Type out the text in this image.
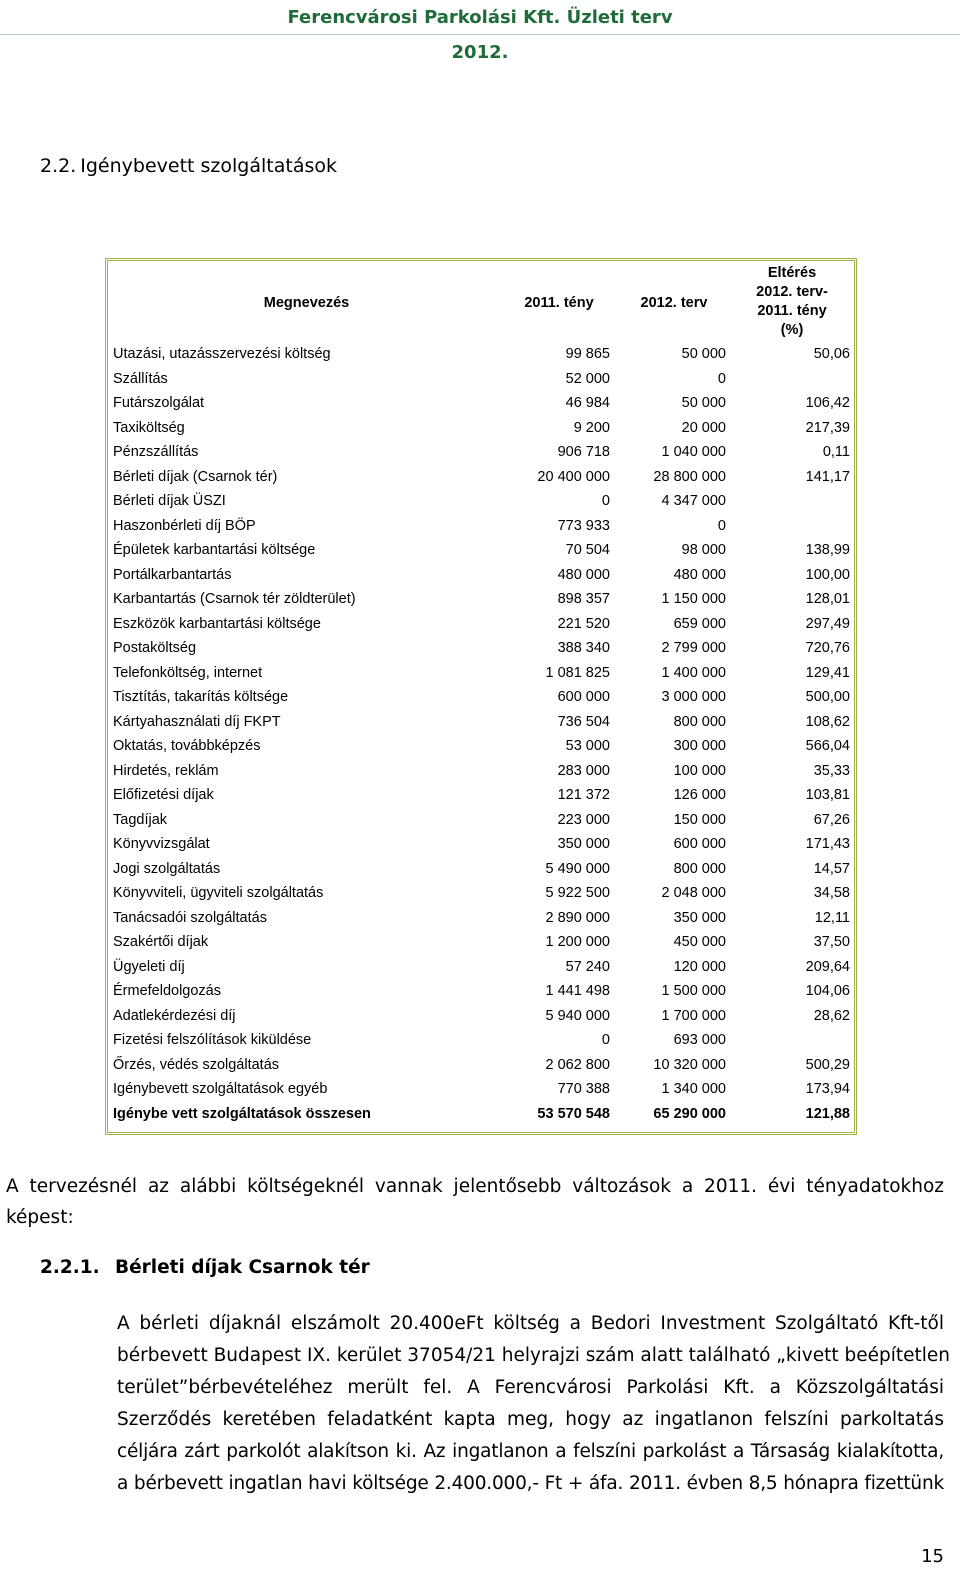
Ferencvárosi Parkolási Kft. Üzleti terv
2012.
2.2. Igénybevett szolgáltatások
Megnevezés	2011. tény	2012. terv	Eltérés
2012. terv-
2011. tény
(%)

Utazási, utazásszervezési költség	99 865	50 000	50,06
Szállítás	52 000	0	
Futárszolgálat	46 984	50 000	106,42
Taxiköltség	9 200	20 000	217,39
Pénzszállítás	906 718	1 040 000	0,11
Bérleti díjak (Csarnok tér)	20 400 000	28 800 000	141,17
Bérleti díjak ÜSZI	0	4 347 000	
Haszonbérleti díj BÖP	773 933	0	
Épületek karbantartási költsége	70 504	98 000	138,99
Portálkarbantartás	480 000	480 000	100,00
Karbantartás (Csarnok tér zöldterület)	898 357	1 150 000	128,01
Eszközök karbantartási költsége	221 520	659 000	297,49
Postaköltség	388 340	2 799 000	720,76
Telefonköltség, internet	1 081 825	1 400 000	129,41
Tisztítás, takarítás költsége	600 000	3 000 000	500,00
Kártyahasználati díj FKPT	736 504	800 000	108,62
Oktatás, továbbképzés	53 000	300 000	566,04
Hirdetés, reklám	283 000	100 000	35,33
Előfizetési díjak	121 372	126 000	103,81
Tagdíjak	223 000	150 000	67,26
Könyvvizsgálat	350 000	600 000	171,43
Jogi szolgáltatás	5 490 000	800 000	14,57
Könyvviteli, ügyviteli szolgáltatás	5 922 500	2 048 000	34,58
Tanácsadói szolgáltatás	2 890 000	350 000	12,11
Szakértői díjak	1 200 000	450 000	37,50
Ügyeleti díj	57 240	120 000	209,64
Érmefeldolgozás	1 441 498	1 500 000	104,06
Adatlekérdezési díj	5 940 000	1 700 000	28,62
Fizetési felszólítások kiküldése	0	693 000	
Őrzés, védés szolgáltatás	2 062 800	10 320 000	500,29
Igénybevett szolgáltatások egyéb	770 388	1 340 000	173,94
Igénybe vett szolgáltatások összesen	53 570 548	65 290 000	121,88
A tervezésnél az alábbi költségeknél vannak jelentősebb változások a 2011. évi tényadatokhoz
képest:
2.2.1. Bérleti díjak Csarnok tér
A bérleti díjaknál elszámolt 20.400eFt költség a Bedori Investment Szolgáltató Kft-től
bérbevett Budapest IX. kerület 37054/21 helyrajzi szám alatt található „kivett beépítetlen
terület”bérbevételéhez merült fel. A Ferencvárosi Parkolási Kft. a Közszolgáltatási
Szerződés keretében feladatként kapta meg, hogy az ingatlanon felszíni parkoltatás
céljára zárt parkolót alakítson ki. Az ingatlanon a felszíni parkolást a Társaság kialakította,
a bérbevett ingatlan havi költsége 2.400.000,- Ft + áfa. 2011. évben 8,5 hónapra fizettünk
15
